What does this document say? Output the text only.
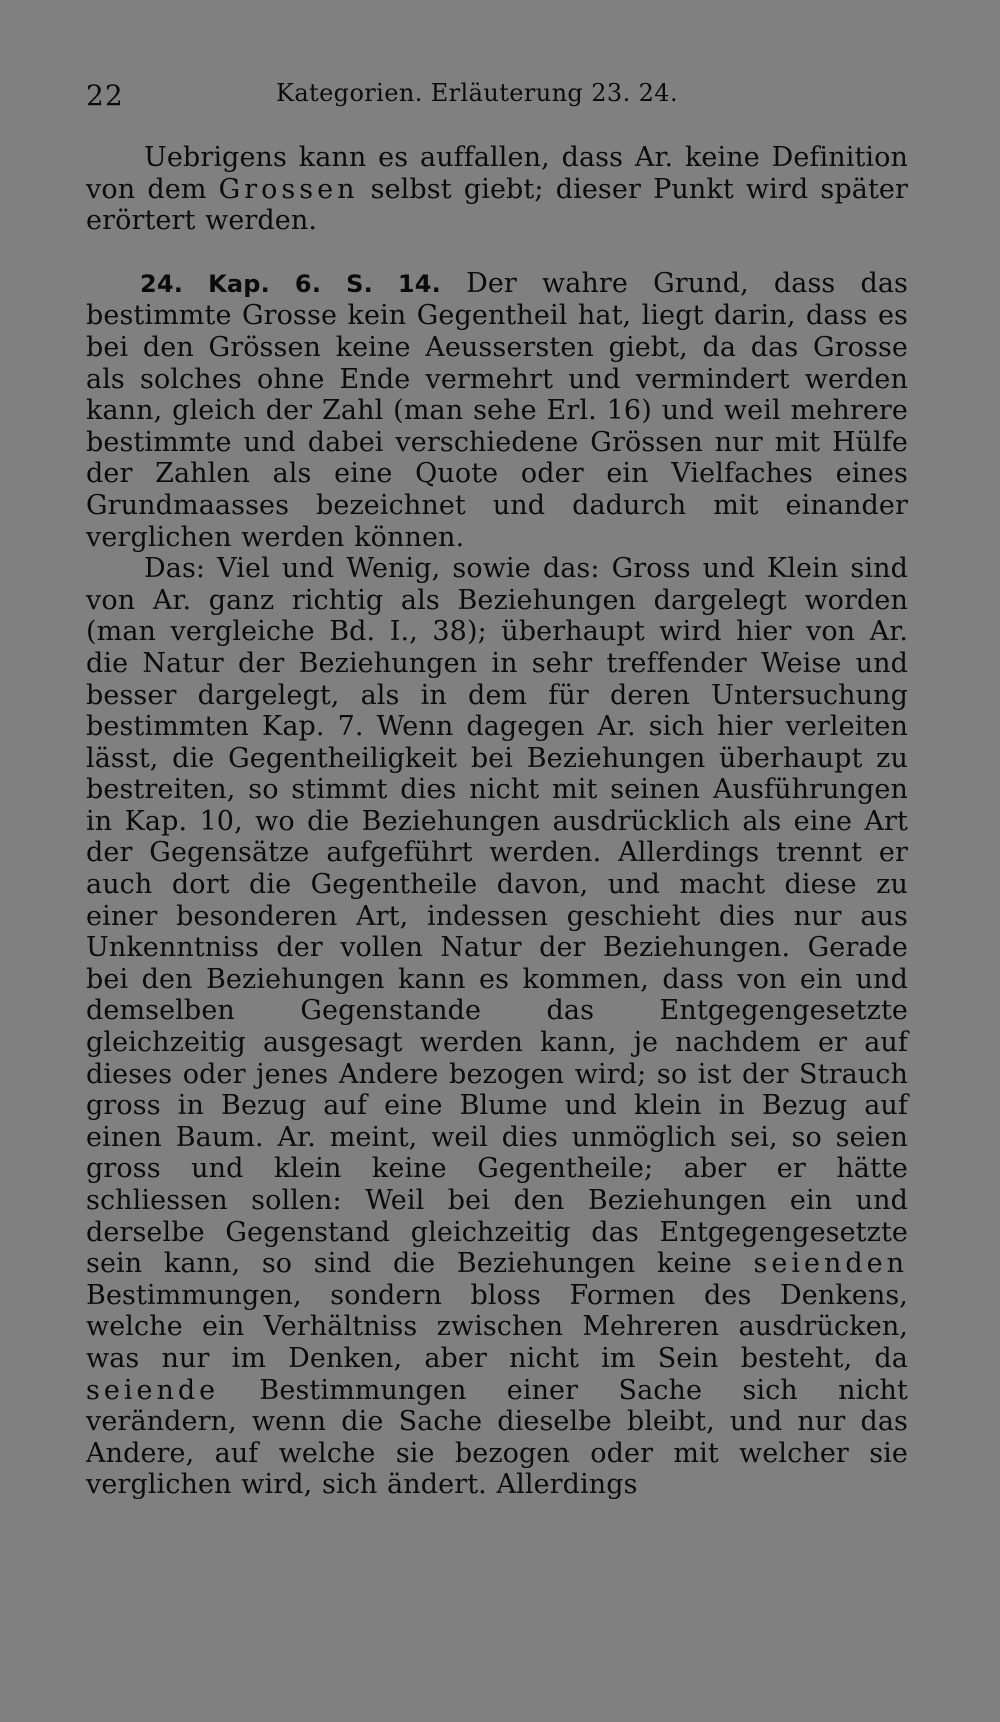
22	Kategorien. Erläuterung 23. 24.

Uebrigens kann es auffallen, dass Ar. keine Definition von dem Grossen selbst giebt; dieser Punkt wird später erörtert werden.

24. Kap. 6. S. 14. Der wahre Grund, dass das bestimmte Grosse kein Gegentheil hat, liegt darin, dass es bei den Grössen keine Aeussersten giebt, da das Grosse als solches ohne Ende vermehrt und vermindert werden kann, gleich der Zahl (man sehe Erl. 16) und weil mehrere bestimmte und dabei verschiedene Grössen nur mit Hülfe der Zahlen als eine Quote oder ein Vielfaches eines Grundmaasses bezeichnet und dadurch mit einander verglichen werden können.

Das: Viel und Wenig, sowie das: Gross und Klein sind von Ar. ganz richtig als Beziehungen dargelegt worden (man vergleiche Bd. I., 38); überhaupt wird hier von Ar. die Natur der Beziehungen in sehr treffender Weise und besser dargelegt, als in dem für deren Untersuchung bestimmten Kap. 7. Wenn dagegen Ar. sich hier verleiten lässt, die Gegentheiligkeit bei Beziehungen überhaupt zu bestreiten, so stimmt dies nicht mit seinen Ausführungen in Kap. 10, wo die Beziehungen ausdrücklich als eine Art der Gegensätze aufgeführt werden. Allerdings trennt er auch dort die Gegentheile davon, und macht diese zu einer besonderen Art, indessen geschieht dies nur aus Unkenntniss der vollen Natur der Beziehungen. Gerade bei den Beziehungen kann es kommen, dass von ein und demselben Gegenstande das Entgegengesetzte gleichzeitig ausgesagt werden kann, je nachdem er auf dieses oder jenes Andere bezogen wird; so ist der Strauch gross in Bezug auf eine Blume und klein in Bezug auf einen Baum. Ar. meint, weil dies unmöglich sei, so seien gross und klein keine Gegentheile; aber er hätte schliessen sollen: Weil bei den Beziehungen ein und derselbe Gegenstand gleichzeitig das Entgegengesetzte sein kann, so sind die Beziehungen keine seienden Bestimmungen, sondern bloss Formen des Denkens, welche ein Verhältniss zwischen Mehreren ausdrücken, was nur im Denken, aber nicht im Sein besteht, da seiende Bestimmungen einer Sache sich nicht verändern, wenn die Sache dieselbe bleibt, und nur das Andere, auf welche sie bezogen oder mit welcher sie verglichen wird, sich ändert. Allerdings
